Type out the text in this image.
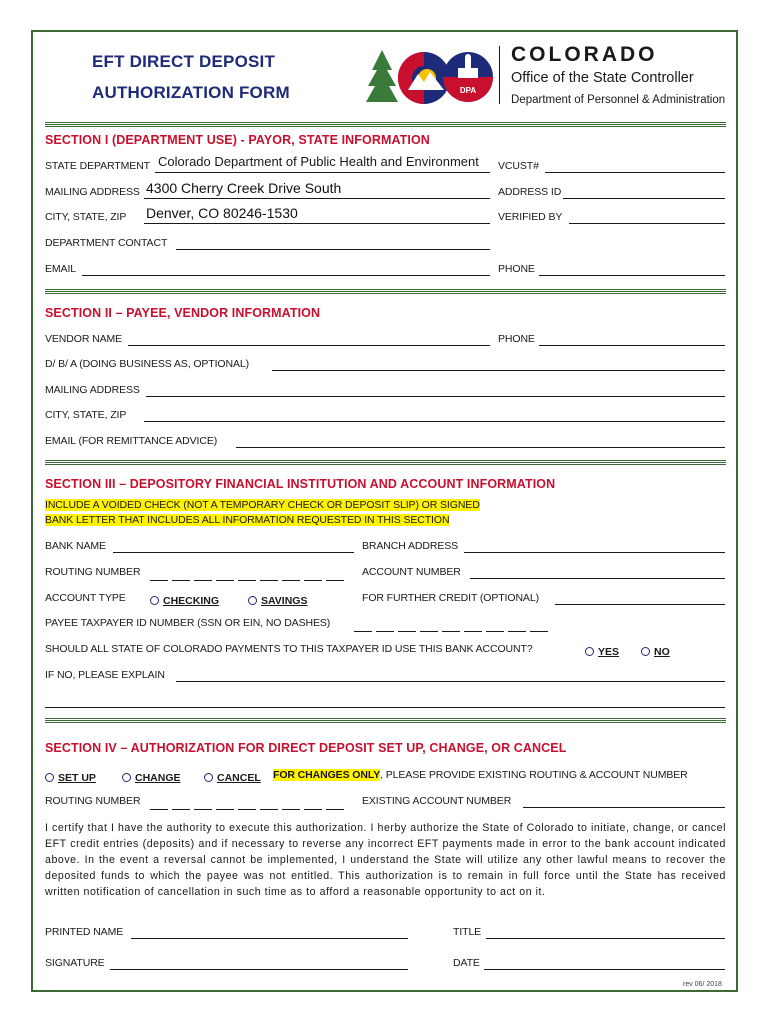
EFT DIRECT DEPOSIT
AUTHORIZATION FORM	DPA
COLORADO
Office of the State Controller
Department of Personnel & Administration
SECTION I (DEPARTMENT USE) - PAYOR, STATE INFORMATION
STATE DEPARTMENT Colorado Department of Public Health and Environment VCUST#
MAILING ADDRESS 4300 Cherry Creek Drive South	ADDRESS ID
CITY, STATE, ZIP Denver, CO 80246-1530	VERIFIED BY
DEPARTMENT CONTACT
EMAIL	PHONE
SECTION II – PAYEE, VENDOR INFORMATION
VENDOR NAME	PHONE
D/ B/ A (DOING BUSINESS AS, OPTIONAL)
MAILING ADDRESS
CITY, STATE, ZIP
EMAIL (FOR REMITTANCE ADVICE)
SECTION III – DEPOSITORY FINANCIAL INSTITUTION AND ACCOUNT INFORMATION
INCLUDE A VOIDED CHECK (NOT A TEMPORARY CHECK OR DEPOSIT SLIP) OR SIGNED
BANK LETTER THAT INCLUDES ALL INFORMATION REQUESTED IN THIS SECTION
BANK NAME	BRANCH ADDRESS
ROUTING NUMBER	ACCOUNT NUMBER
ACCOUNT TYPE	CHECKING	SAVINGS	FOR FURTHER CREDIT (OPTIONAL)
PAYEE TAXPAYER ID NUMBER (SSN OR EIN, NO DASHES)
SHOULD ALL STATE OF COLORADO PAYMENTS TO THIS TAXPAYER ID USE THIS BANK ACCOUNT?	YES	NO
IF NO, PLEASE EXPLAIN
SECTION IV – AUTHORIZATION FOR DIRECT DEPOSIT SET UP, CHANGE, OR CANCEL
SET UP	CHANGE	CANCEL FOR CHANGES ONLY, PLEASE PROVIDE EXISTING ROUTING & ACCOUNT NUMBER
ROUTING NUMBER	EXISTING ACCOUNT NUMBER
I certify that I have the authority to execute this authorization. I herby authorize the State of Colorado to initiate, change, or cancel EFT credit entries (deposits) and if necessary to reverse any incorrect EFT payments made in error to the bank account indicated above. In the event a reversal cannot be implemented, I understand the State will utilize any other lawful means to recover the deposited funds to which the payee was not entitled. This authorization is to remain in full force until the State has received written notification of cancellation in such time as to afford a reasonable opportunity to act on it.
PRINTED NAME	TITLE
SIGNATURE	DATE
rev 06/ 2018
